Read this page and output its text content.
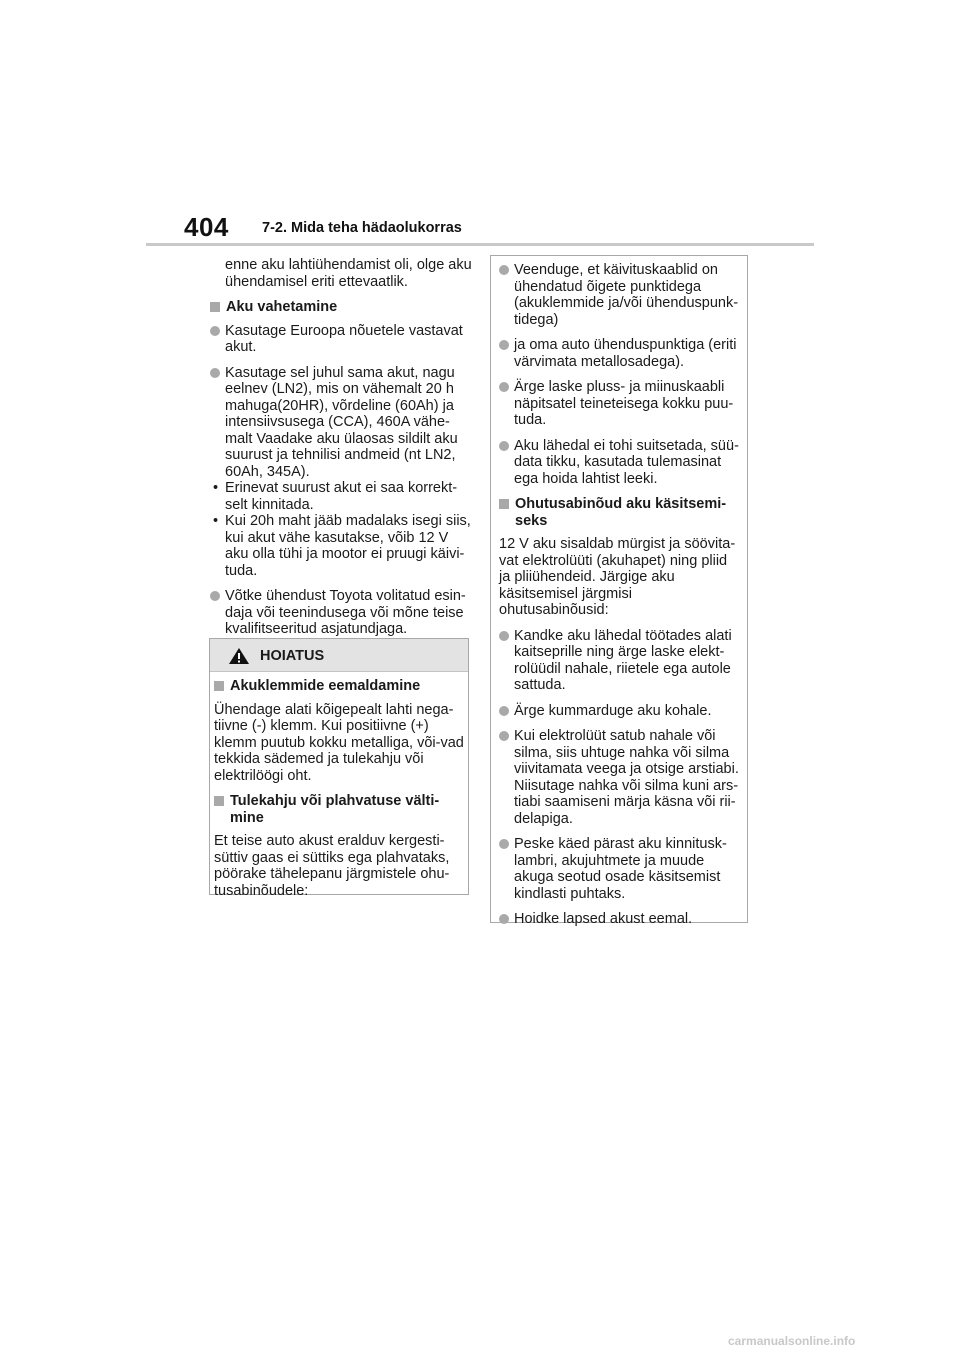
404 7-2. Mida teha hädaolukorras

enne aku lahtiühendamist oli, olge aku ühendamisel eriti ettevaatlik.

Aku vahetamine
Kasutage Euroopa nõuetele vastavat akut.
Kasutage sel juhul sama akut, nagu eelnev (LN2), mis on vähemalt 20 h mahuga(20HR), võrdeline (60Ah) ja intensiivsusega (CCA), 460A vähe-malt Vaadake aku ülaosas sildilt aku suurust ja tehnilisi andmeid (nt LN2, 60Ah, 345A).
• Erinevat suurust akut ei saa korrekt-selt kinnitada.
• Kui 20h maht jääb madalaks isegi siis, kui akut vähe kasutakse, võib 12 V aku olla tühi ja mootor ei pruugi käivi-tuda.
Võtke ühendust Toyota volitatud esin-daja või teenindusega või mõne teise kvalifitseeritud asjatundjaga.
HOIATUS
Akuklemmide eemaldamine

Ühendage alati kõigepealt lahti nega-tiivne (-) klemm. Kui positiivne (+) klemm puutub kokku metalliga, või-vad tekkida sädemed ja tulekahju või elektrilöögi oht.

Tulekahju või plahvatuse välti-mine

Et teise auto akust eralduv kergesti-süttiv gaas ei süttiks ega plahvataks, pöörake tähelepanu järgmistele ohu-tusabinõudele:

Veenduge, et käivituskaablid on ühendatud õigete punktidega (akuklemmide ja/või ühenduspunk-tidega)
ja oma auto ühenduspunktiga (eriti värvimata metallosadega).
Ärge laske pluss- ja miinuskaabli näpitsatel teineteisega kokku puu-tuda.
Aku lähedal ei tohi suitsetada, süü-data tikku, kasutada tulemasinat ega hoida lahtist leeki.
Ohutusabinõud aku käsitsemi-seks

12 V aku sisaldab mürgist ja söövita-vat elektrolüüti (akuhapet) ning pliid ja pliiühendeid. Järgige aku käsitsemisel järgmisi ohutusabinõusid:

Kandke aku lähedal töötades alati kaitseprille ning ärge laske elekt-rolüüdil nahale, riietele ega autole sattuda.
Ärge kummarduge aku kohale.
Kui elektrolüüt satub nahale või silma, siis uhtuge nahka või silma viivitamata veega ja otsige arstiabi. Niisutage nahka või silma kuni ars-tiabi saamiseni märja käsna või rii-delapiga.
Peske käed pärast aku kinnitusk-lambri, akujuhtmete ja muude akuga seotud osade käsitsemist kindlasti puhtaks.
Hoidke lapsed akust eemal.
carmanualsonline.info
